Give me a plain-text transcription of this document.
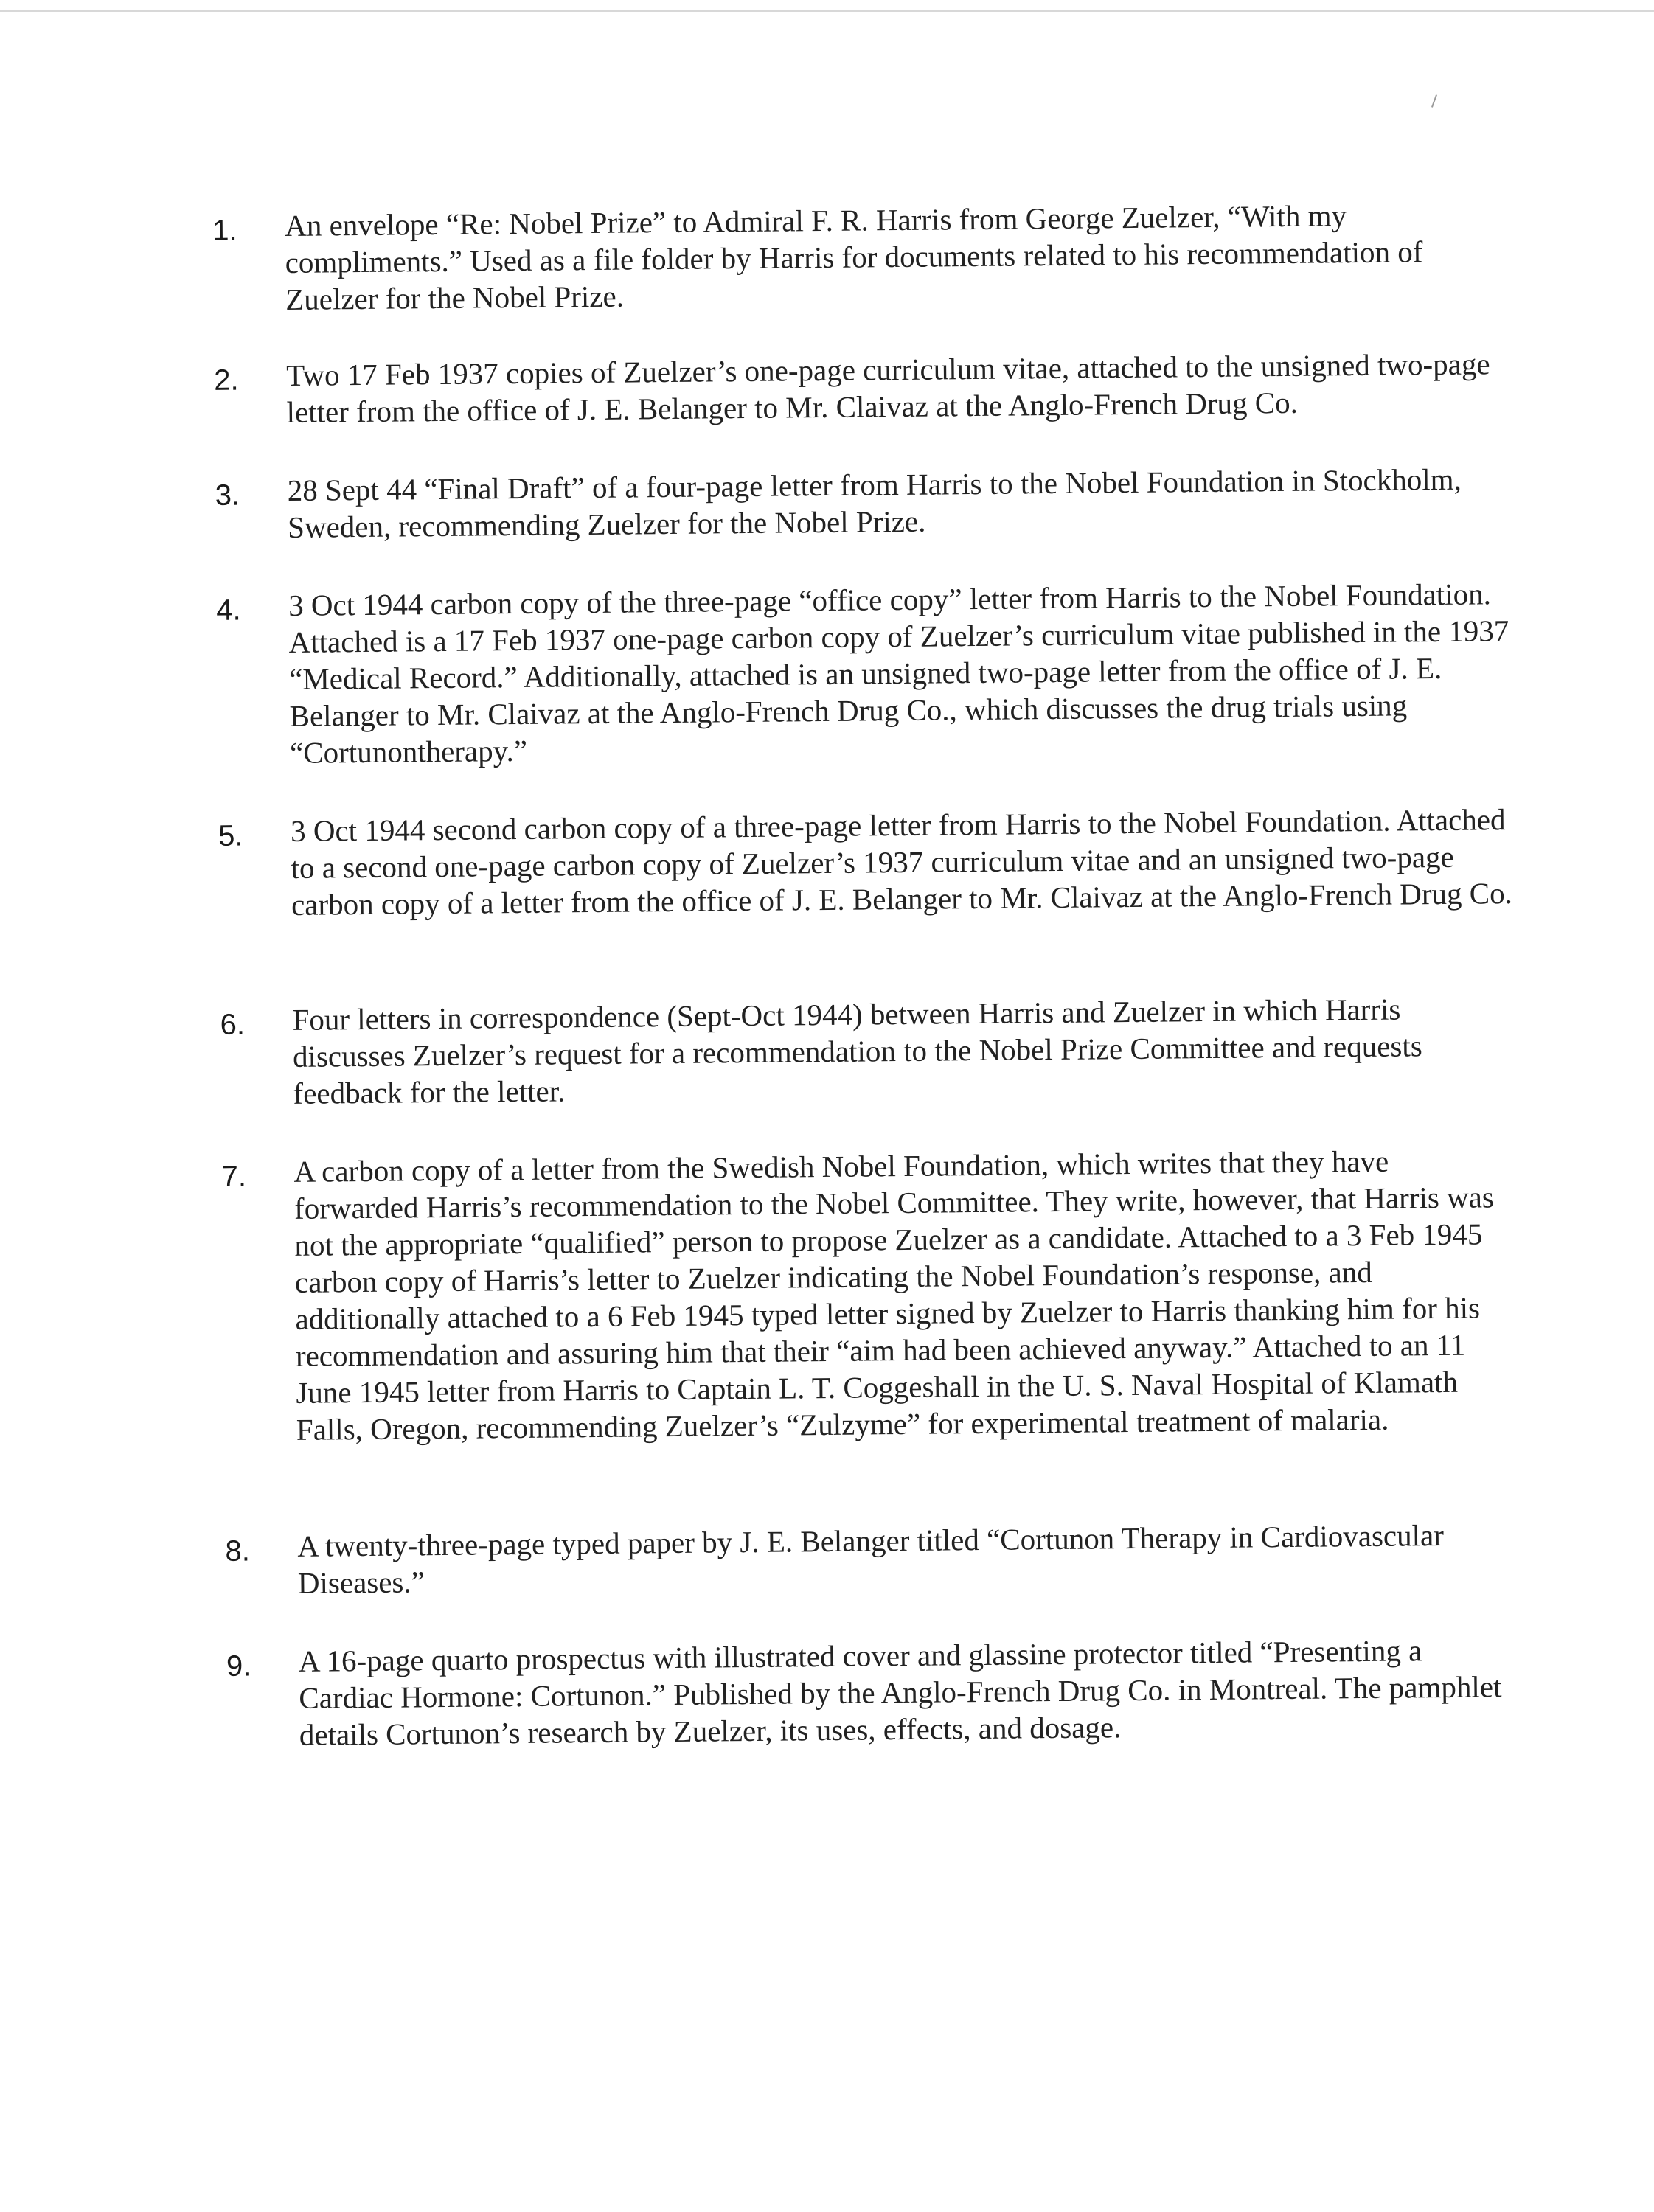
1. An envelope “Re: Nobel Prize” to Admiral F. R. Harris from George Zuelzer, “With my compliments.” Used as a file folder by Harris for documents related to his recommendation of Zuelzer for the Nobel Prize.
2. Two 17 Feb 1937 copies of Zuelzer’s one-page curriculum vitae, attached to the unsigned two-page letter from the office of J. E. Belanger to Mr. Claivaz at the Anglo-French Drug Co.
3. 28 Sept 44 “Final Draft” of a four-page letter from Harris to the Nobel Foundation in Stockholm, Sweden, recommending Zuelzer for the Nobel Prize.
4. 3 Oct 1944 carbon copy of the three-page “office copy” letter from Harris to the Nobel Foundation. Attached is a 17 Feb 1937 one-page carbon copy of Zuelzer’s curriculum vitae published in the 1937 “Medical Record.” Additionally, attached is an unsigned two-page letter from the office of J. E. Belanger to Mr. Claivaz at the Anglo-French Drug Co., which discusses the drug trials using “Cortunontherapy.”
5. 3 Oct 1944 second carbon copy of a three-page letter from Harris to the Nobel Foundation. Attached to a second one-page carbon copy of Zuelzer’s 1937 curriculum vitae and an unsigned two-page carbon copy of a letter from the office of J. E. Belanger to Mr. Claivaz at the Anglo-French Drug Co.
6. Four letters in correspondence (Sept-Oct 1944) between Harris and Zuelzer in which Harris discusses Zuelzer’s request for a recommendation to the Nobel Prize Committee and requests feedback for the letter.
7. A carbon copy of a letter from the Swedish Nobel Foundation, which writes that they have forwarded Harris’s recommendation to the Nobel Committee. They write, however, that Harris was not the appropriate “qualified” person to propose Zuelzer as a candidate. Attached to a 3 Feb 1945 carbon copy of Harris’s letter to Zuelzer indicating the Nobel Foundation’s response, and additionally attached to a 6 Feb 1945 typed letter signed by Zuelzer to Harris thanking him for his recommendation and assuring him that their “aim had been achieved anyway.” Attached to an 11 June 1945 letter from Harris to Captain L. T. Coggeshall in the U. S. Naval Hospital of Klamath Falls, Oregon, recommending Zuelzer’s “Zulzyme” for experimental treatment of malaria.
8. A twenty-three-page typed paper by J. E. Belanger titled “Cortunon Therapy in Cardiovascular Diseases.”
9. A 16-page quarto prospectus with illustrated cover and glassine protector titled “Presenting a Cardiac Hormone: Cortunon.” Published by the Anglo-French Drug Co. in Montreal. The pamphlet details Cortunon’s research by Zuelzer, its uses, effects, and dosage.
